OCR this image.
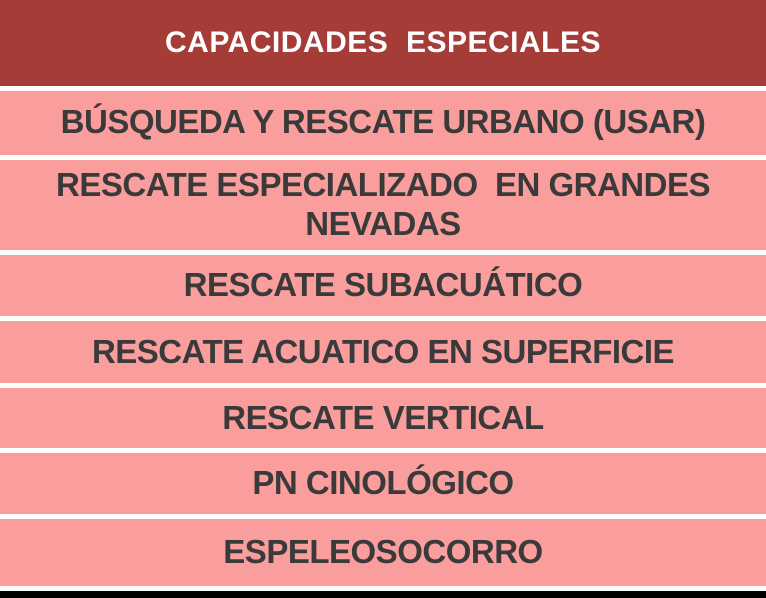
CAPACIDADES  ESPECIALES
BÚSQUEDA Y RESCATE URBANO (USAR)
RESCATE ESPECIALIZADO  EN GRANDES NEVADAS
RESCATE SUBACUÁTICO
RESCATE ACUATICO EN SUPERFICIE
RESCATE VERTICAL
PN CINOLÓGICO
ESPELEOSOCORRO
